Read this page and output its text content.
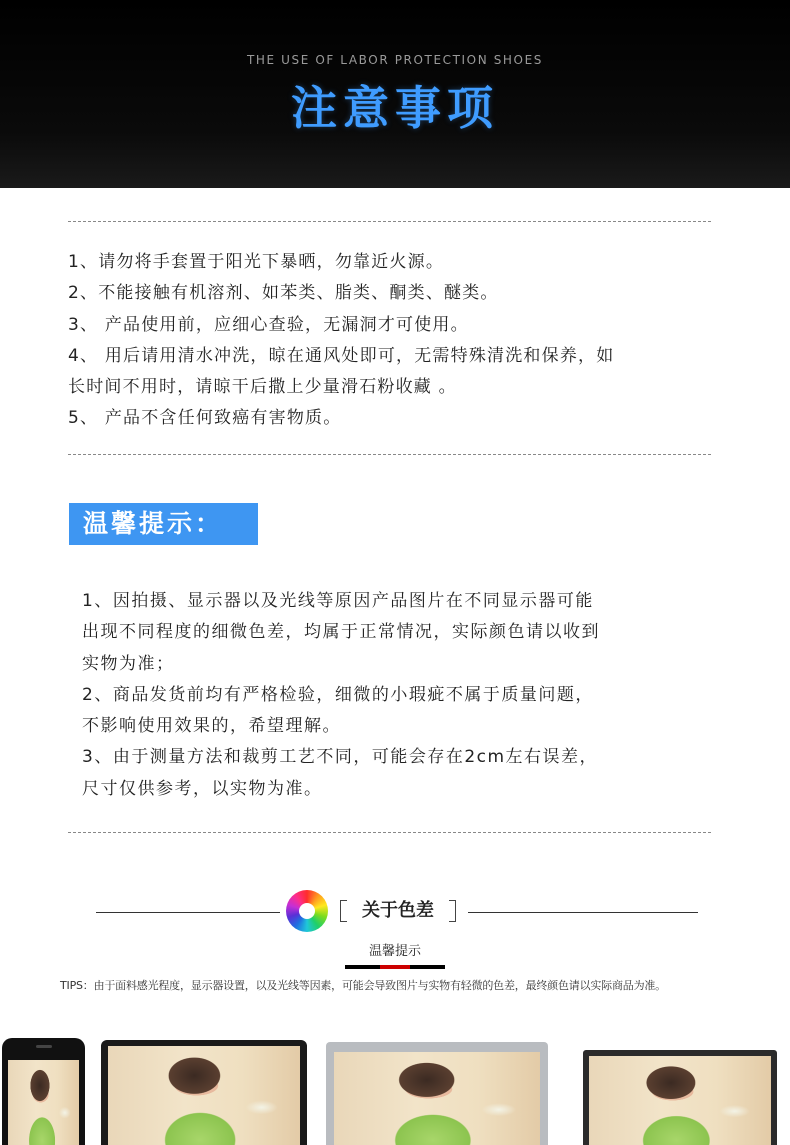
THE USE OF LABOR PROTECTION SHOES
注意事项
1、请勿将手套置于阳光下暴晒，勿靠近火源。
2、不能接触有机溶剂、如苯类、脂类、酮类、醚类。
3、 产品使用前，应细心查验，无漏洞才可使用。
4、 用后请用清水冲洗，晾在通风处即可，无需特殊清洗和保养，如
长时间不用时，请晾干后撒上少量滑石粉收藏 。
5、 产品不含任何致癌有害物质。
温馨提示：
1、因拍摄、显示器以及光线等原因产品图片在不同显示器可能
出现不同程度的细微色差，均属于正常情况，实际颜色请以收到
实物为准；
2、商品发货前均有严格检验，细微的小瑕疵不属于质量问题，
不影响使用效果的，希望理解。
3、由于测量方法和裁剪工艺不同，可能会存在2cm左右误差，
尺寸仅供参考，以实物为准。
关于色差
温馨提示
TIPS：由于面料感光程度，显示器设置，以及光线等因素，可能会导致图片与实物有轻微的色差，最终颜色请以实际商品为准。
